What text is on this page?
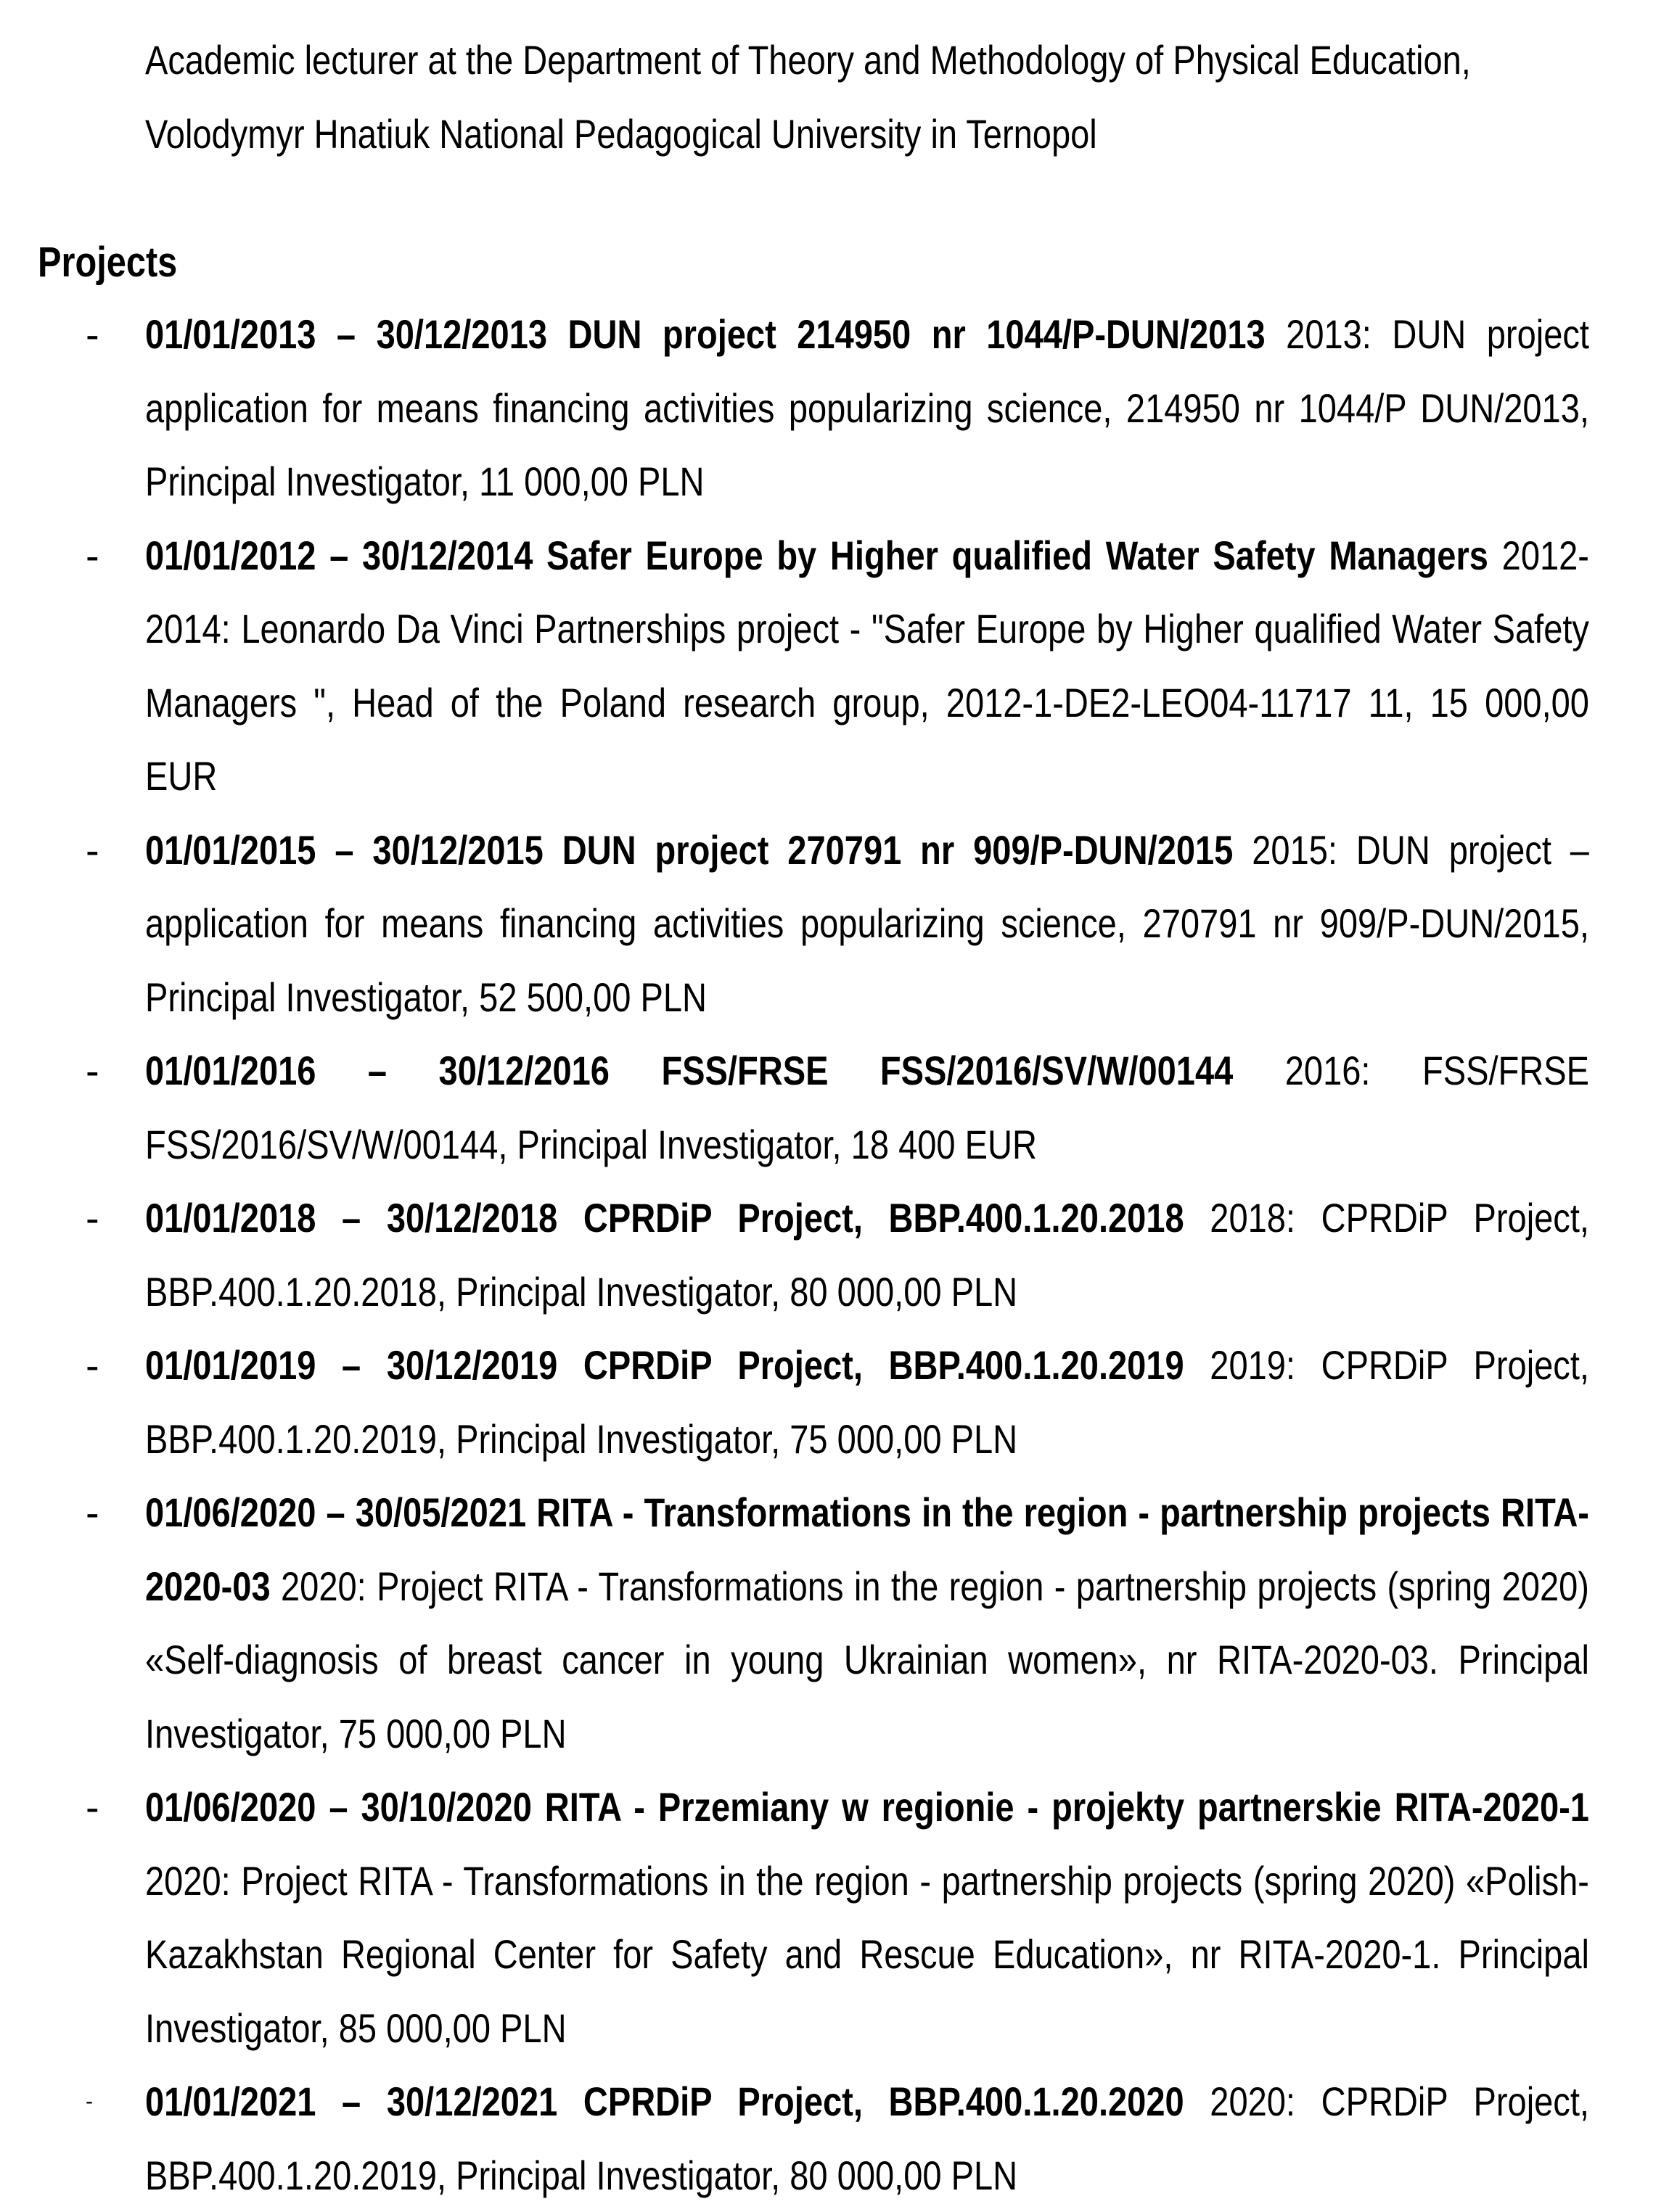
Academic lecturer at the Department of Theory and Methodology of Physical Education,
Volodymyr Hnatiuk National Pedagogical University in Ternopol
Projects
- 01/01/2013 – 30/12/2013 DUN project 214950 nr 1044/P-DUN/2013 2013: DUN project application for means financing activities popularizing science, 214950 nr 1044/P DUN/2013, Principal Investigator, 11 000,00 PLN
- 01/01/2012 – 30/12/2014 Safer Europe by Higher qualified Water Safety Managers 2012-2014: Leonardo Da Vinci Partnerships project - "Safer Europe by Higher qualified Water Safety Managers ", Head of the Poland research group, 2012-1-DE2-LEO04-11717 11, 15 000,00 EUR
- 01/01/2015 – 30/12/2015 DUN project 270791 nr 909/P-DUN/2015 2015: DUN project – application for means financing activities popularizing science, 270791 nr 909/P-DUN/2015, Principal Investigator, 52 500,00 PLN
- 01/01/2016 – 30/12/2016 FSS/FRSE FSS/2016/SV/W/00144 2016: FSS/FRSE FSS/2016/SV/W/00144, Principal Investigator, 18 400 EUR
- 01/01/2018 – 30/12/2018 CPRDiP Project, BBP.400.1.20.2018 2018: CPRDiP Project, BBP.400.1.20.2018, Principal Investigator, 80 000,00 PLN
- 01/01/2019 – 30/12/2019 CPRDiP Project, BBP.400.1.20.2019 2019: CPRDiP Project, BBP.400.1.20.2019, Principal Investigator, 75 000,00 PLN
- 01/06/2020 – 30/05/2021 RITA - Transformations in the region - partnership projects RITA-2020-03 2020: Project RITA - Transformations in the region - partnership projects (spring 2020) «Self-diagnosis of breast cancer in young Ukrainian women», nr RITA-2020-03. Principal Investigator, 75 000,00 PLN
- 01/06/2020 – 30/10/2020 RITA - Przemiany w regionie - projekty partnerskie RITA-2020-1 2020: Project RITA - Transformations in the region - partnership projects (spring 2020) «Polish-Kazakhstan Regional Center for Safety and Rescue Education», nr RITA-2020-1. Principal Investigator, 85 000,00 PLN
-	01/01/2021 – 30/12/2021 CPRDiP Project, BBP.400.1.20.2020 2020: CPRDiP Project, BBP.400.1.20.2019, Principal Investigator, 80 000,00 PLN
